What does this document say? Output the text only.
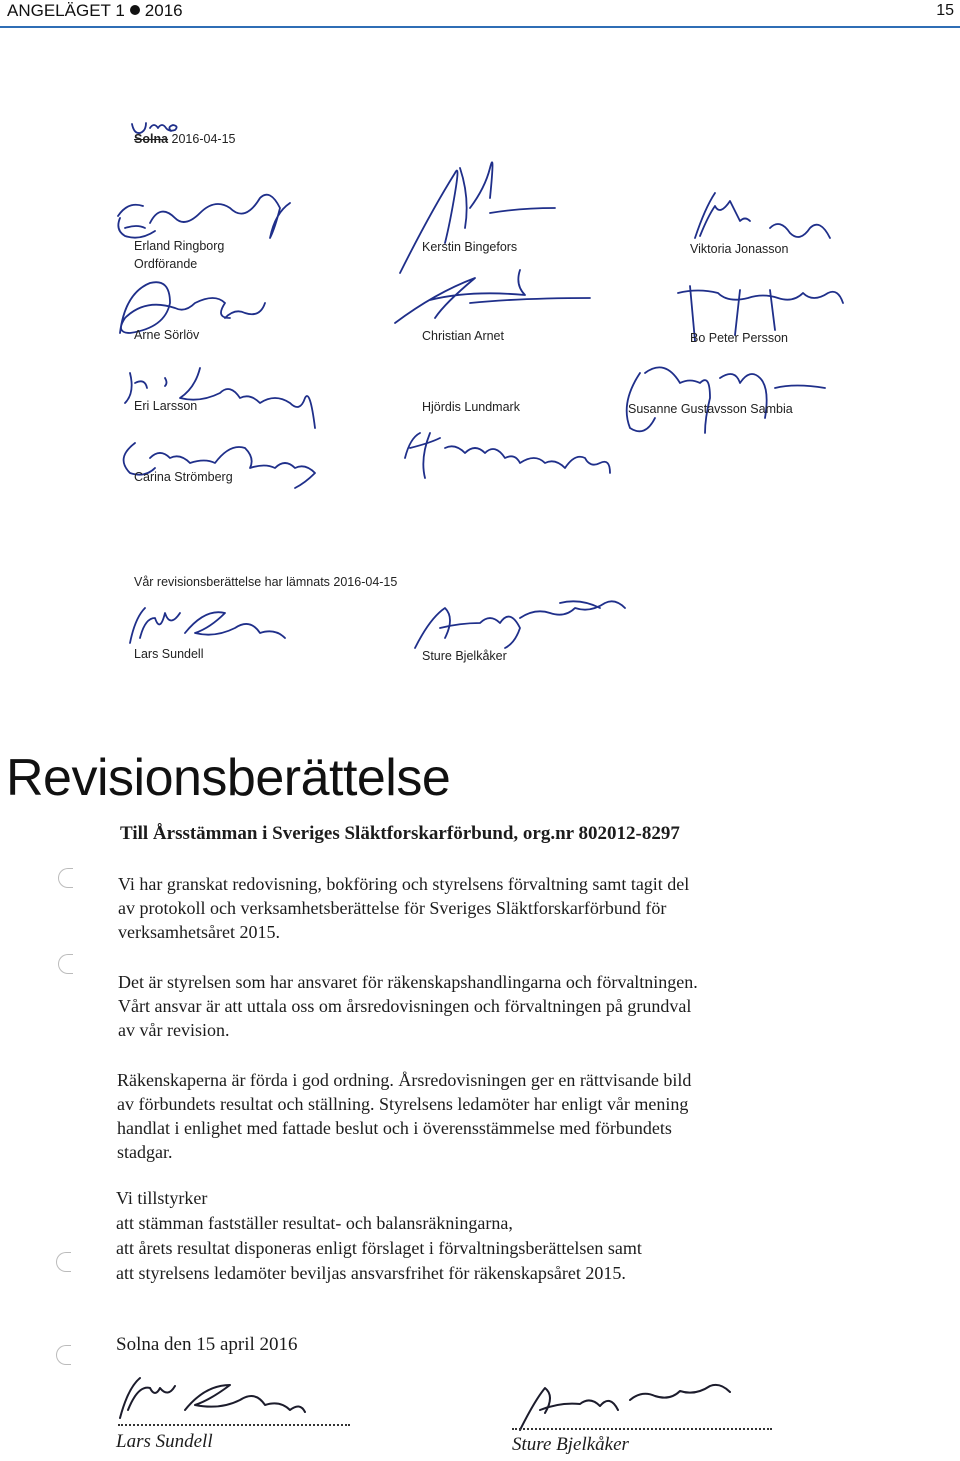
ANGELÄGET 1 2016	15
Solna 2016-04-15
Erland Ringborg
Ordförande
Kerstin Bingefors	Viktoria Jonasson
Arne Sörlöv	Christian Arnet	Bo Peter Persson
Eri Larsson	Hjördis Lundmark	Susanne Gustavsson Sambia
Carina Strömberg
Vår revisionsberättelse har lämnats 2016-04-15
Lars Sundell	Sture Bjelkåker
Revisionsberättelse
Till Årsstämman i Sveriges Släktforskarförbund, org.nr 802012-8297
Vi har granskat redovisning, bokföring och styrelsens förvaltning samt tagit del
av protokoll och verksamhetsberättelse för Sveriges Släktforskarförbund för
verksamhetsåret 2015.
Det är styrelsen som har ansvaret för räkenskapshandlingarna och förvaltningen.
Vårt ansvar är att uttala oss om årsredovisningen och förvaltningen på grundval
av vår revision.
Räkenskaperna är förda i god ordning. Årsredovisningen ger en rättvisande bild
av förbundets resultat och ställning. Styrelsens ledamöter har enligt vår mening
handlat i enlighet med fattade beslut och i överensstämmelse med förbundets
stadgar.
Vi tillstyrker
att stämman fastställer resultat- och balansräkningarna,
att årets resultat disponeras enligt förslaget i förvaltningsberättelsen samt
att styrelsens ledamöter beviljas ansvarsfrihet för räkenskapsåret 2015.
Solna den 15 april 2016
Lars Sundell	Sture Bjelkåker
